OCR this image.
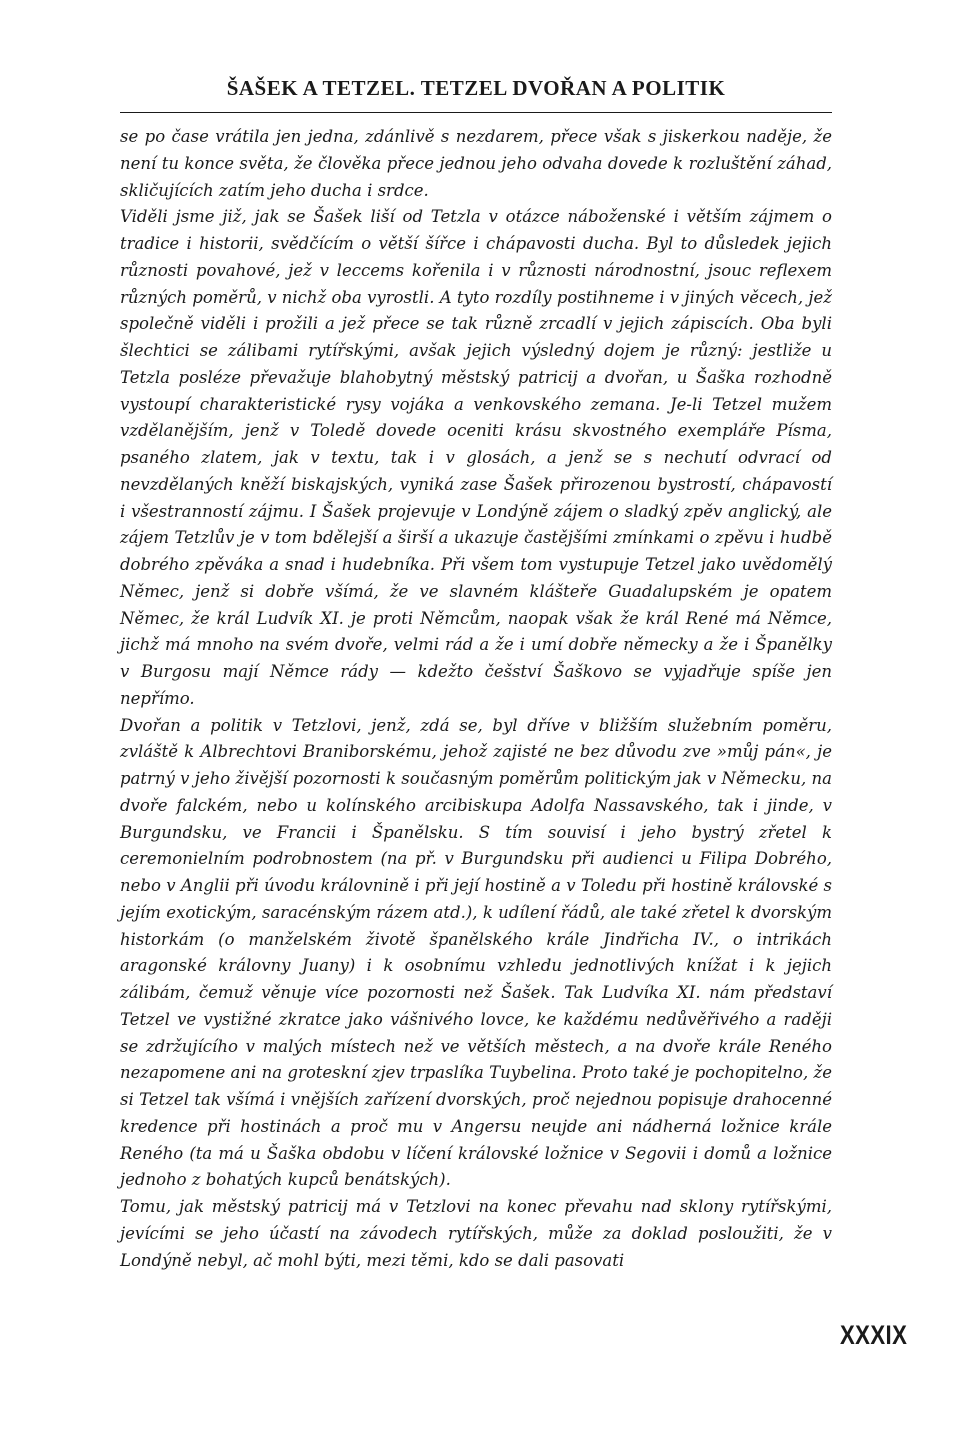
ŠAŠEK A TETZEL. TETZEL DVOŘAN A POLITIK

se po čase vrátila jen jedna, zdánlivě s nezdarem, přece však s jiskerkou naděje, že není tu konce světa, že člověka přece jednou jeho odvaha dovede k rozluštění záhad, skličujících zatím jeho ducha i srdce.

Viděli jsme již, jak se Šašek liší od Tetzla v otázce náboženské i větším zájmem o tradice i historii, svědčícím o větší šířce i chápavosti ducha. Byl to důsledek jejich různosti povahové, jež v leccems kořenila i v různosti národnostní, jsouc reflexem různých poměrů, v nichž oba vyrostli. A tyto rozdíly postihneme i v jiných věcech, jež společně viděli i prožili a jež přece se tak různě zrcadlí v jejich zápiscích. Oba byli šlechtici se zálibami rytířskými, avšak jejich výsledný dojem je různý: jestliže u Tetzla posléze převažuje blahobytný městský patricij a dvořan, u Šaška rozhodně vystoupí charakteristické rysy vojáka a venkovského zemana. Je-li Tetzel mužem vzdělanějším, jenž v Toledě dovede oceniti krásu skvostného exempláře Písma, psaného zlatem, jak v textu, tak i v glosách, a jenž se s nechutí odvrací od nevzdělaných kněží biskajských, vyniká zase Šašek přirozenou bystrostí, chápavostí i všestranností zájmu. I Šašek projevuje v Londýně zájem o sladký zpěv anglický, ale zájem Tetzlův je v tom bdělejší a širší a ukazuje častějšími zmínkami o zpěvu i hudbě dobrého zpěváka a snad i hudebníka. Při všem tom vystupuje Tetzel jako uvědomělý Němec, jenž si dobře všímá, že ve slavném klášteře Guadalupském je opatem Němec, že král Ludvík XI. je proti Němcům, naopak však že král René má Němce, jichž má mnoho na svém dvoře, velmi rád a že i umí dobře německy a že i Španělky v Burgosu mají Němce rády — kdežto češství Šaškovo se vyjadřuje spíše jen nepřímo.

Dvořan a politik v Tetzlovi, jenž, zdá se, byl dříve v bližším služebním poměru, zvláště k Albrechtovi Braniborskému, jehož zajisté ne bez důvodu zve »můj pán«, je patrný v jeho živější pozornosti k současným poměrům politickým jak v Německu, na dvoře falckém, nebo u kolínského arcibiskupa Adolfa Nassavského, tak i jinde, v Burgundsku, ve Francii i Španělsku. S tím souvisí i jeho bystrý zřetel k ceremonielním podrobnostem (na př. v Burgundsku při audienci u Filipa Dobrého, nebo v Anglii při úvodu královnině i při její hostině a v Toledu při hostině královské s jejím exotickým, saracénským rázem atd.), k udílení řádů, ale také zřetel k dvorským historkám (o manželském životě španělského krále Jindřicha IV., o intrikách aragonské královny Juany) i k osobnímu vzhledu jednotlivých knížat i k jejich zálibám, čemuž věnuje více pozornosti než Šašek. Tak Ludvíka XI. nám představí Tetzel ve vystižné zkratce jako vášnivého lovce, ke každému nedůvěřivého a raději se zdržujícího v malých místech než ve větších městech, a na dvoře krále Reného nezapomene ani na groteskní zjev trpaslíka Tuybelina. Proto také je pochopitelno, že si Tetzel tak všímá i vnějších zařízení dvorských, proč nejednou popisuje drahocenné kredence při hostinách a proč mu v Angersu neujde ani nádherná ložnice krále Reného (ta má u Šaška obdobu v líčení královské ložnice v Segovii i domů a ložnice jednoho z bohatých kupců benátských).

Tomu, jak městský patricij má v Tetzlovi na konec převahu nad sklony rytířskými, jevícími se jeho účastí na závodech rytířských, může za doklad posloužiti, že v Londýně nebyl, ač mohl býti, mezi těmi, kdo se dali pasovati

XXXIX
